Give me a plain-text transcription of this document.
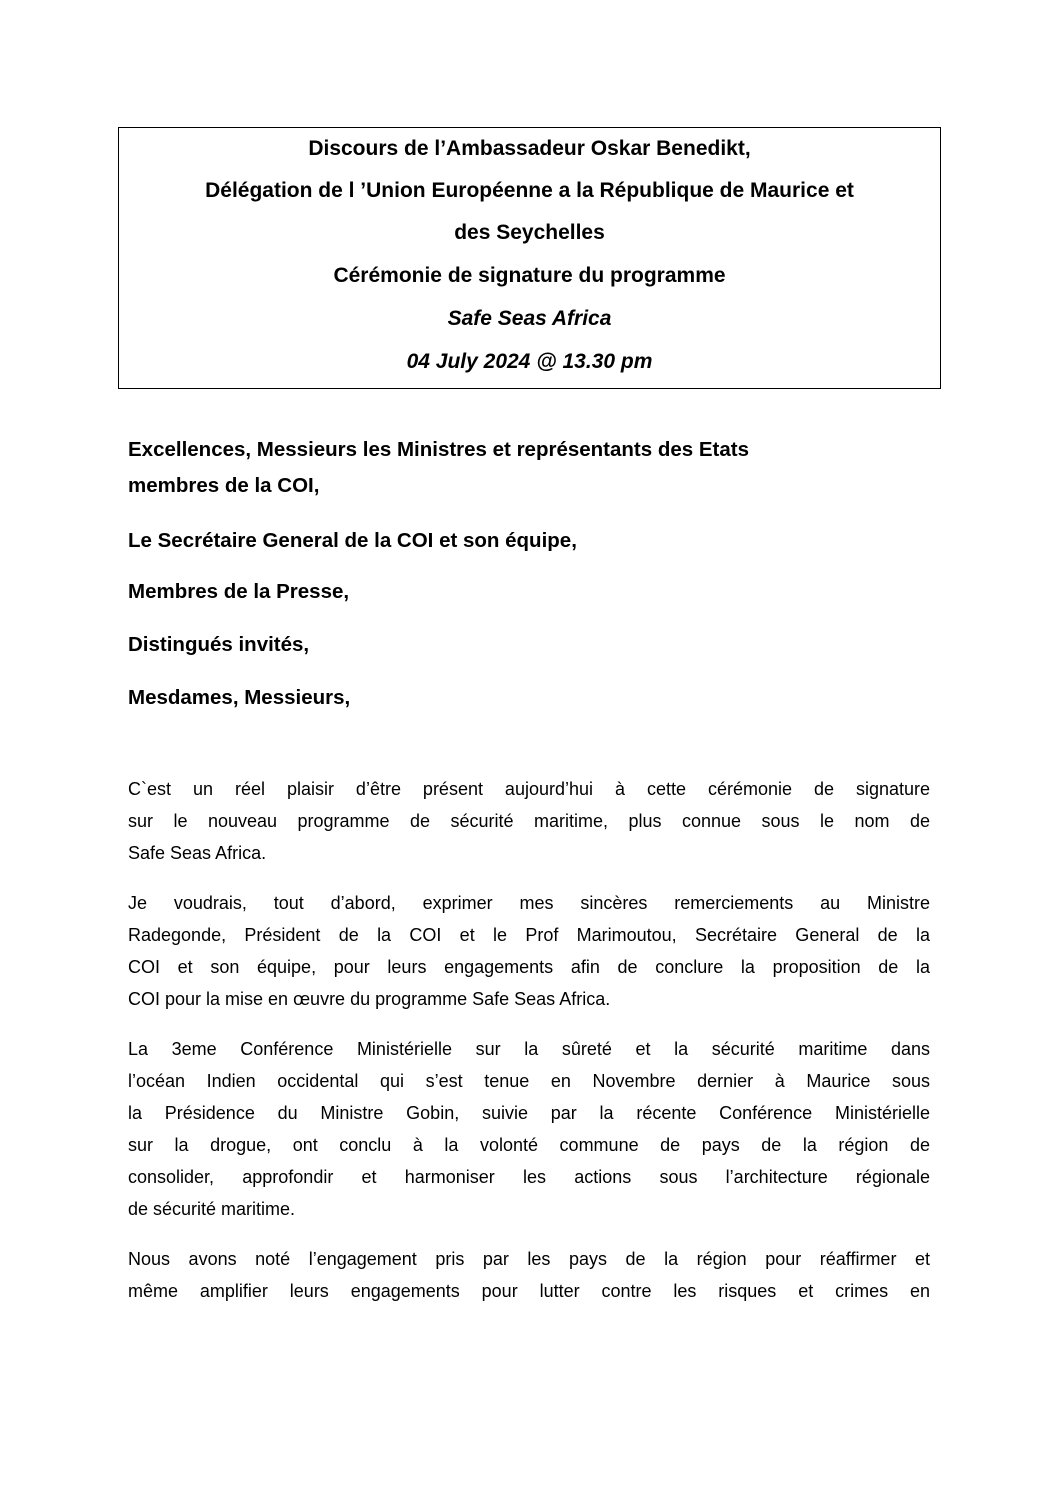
Discours de l’Ambassadeur Oskar Benedikt,
Délégation de l ’Union Européenne a la République de Maurice et
des Seychelles
Cérémonie de signature du programme
Safe Seas Africa
04 July 2024 @ 13.30 pm
Excellences, Messieurs les Ministres et représentants des Etats
membres de la COI,
Le Secrétaire General de la COI et son équipe,
Membres de la Presse,
Distingués invités,
Mesdames, Messieurs,
C`est un réel plaisir d’être présent aujourd’hui à cette cérémonie de signature
sur le nouveau programme de sécurité maritime, plus connue sous le nom de
Safe Seas Africa.
Je voudrais, tout d’abord, exprimer mes sincères remerciements au Ministre
Radegonde, Président de la COI et le Prof Marimoutou, Secrétaire General de la
COI et son équipe, pour leurs engagements afin de conclure la proposition de la
COI pour la mise en œuvre du programme Safe Seas Africa.
La 3eme Conférence Ministérielle sur la sûreté et la sécurité maritime dans
l’océan Indien occidental qui s’est tenue en Novembre dernier à Maurice sous
la Présidence du Ministre Gobin, suivie par la récente Conférence Ministérielle
sur la drogue, ont conclu à la volonté commune de pays de la région de
consolider, approfondir et harmoniser les actions sous l’architecture régionale
de sécurité maritime.
Nous avons noté l’engagement pris par les pays de la région pour réaffirmer et
même amplifier leurs engagements pour lutter contre les risques et crimes en
